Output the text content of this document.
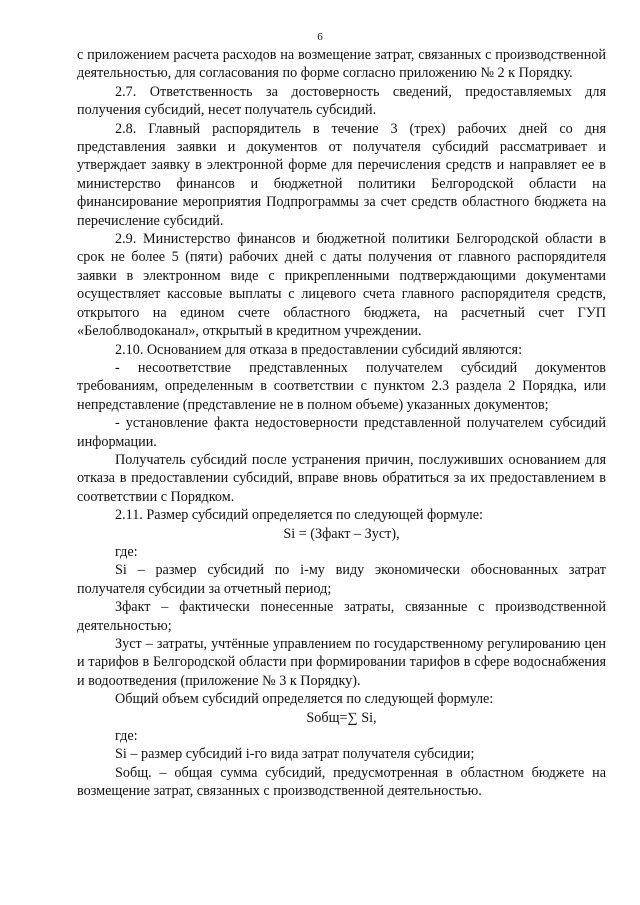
6

с приложением расчета расходов на возмещение затрат, связанных с производственной деятельностью, для согласования по форме согласно приложению № 2 к Порядку.

2.7. Ответственность за достоверность сведений, предоставляемых для получения субсидий, несет получатель субсидий.

2.8. Главный распорядитель в течение 3 (трех) рабочих дней со дня представления заявки и документов от получателя субсидий рассматривает и утверждает заявку в электронной форме для перечисления средств и направляет ее в министерство финансов и бюджетной политики Белгородской области на финансирование мероприятия Подпрограммы за счет средств областного бюджета на перечисление субсидий.

2.9. Министерство финансов и бюджетной политики Белгородской области в срок не более 5 (пяти) рабочих дней с даты получения от главного распорядителя заявки в электронном виде с прикрепленными подтверждающими документами осуществляет кассовые выплаты с лицевого счета главного распорядителя средств, открытого на едином счете областного бюджета, на расчетный счет ГУП «Белоблводоканал», открытый в кредитном учреждении.

2.10. Основанием для отказа в предоставлении субсидий являются:

- несоответствие представленных получателем субсидий документов требованиям, определенным в соответствии с пунктом 2.3 раздела 2 Порядка, или непредставление (представление не в полном объеме) указанных документов;

- установление факта недостоверности представленной получателем субсидий информации.

Получатель субсидий после устранения причин, послуживших основанием для отказа в предоставлении субсидий, вправе вновь обратиться за их предоставлением в соответствии с Порядком.

2.11. Размер субсидий определяется по следующей формуле:

Si = (Зфакт – Зуст),

где:

Si – размер субсидий по i-му виду экономически обоснованных затрат получателя субсидии за отчетный период;

Зфакт – фактически понесенные затраты, связанные с производственной деятельностью;

Зуст – затраты, учтённые управлением по государственному регулированию цен и тарифов в Белгородской области при формировании тарифов в сфере водоснабжения и водоотведения (приложение № 3 к Порядку).

Общий объем субсидий определяется по следующей формуле:

Sобщ=∑ Si,

где:

Si – размер субсидий i-го вида затрат получателя субсидии;

Sобщ. – общая сумма субсидий, предусмотренная в областном бюджете на возмещение затрат, связанных с производственной деятельностью.
